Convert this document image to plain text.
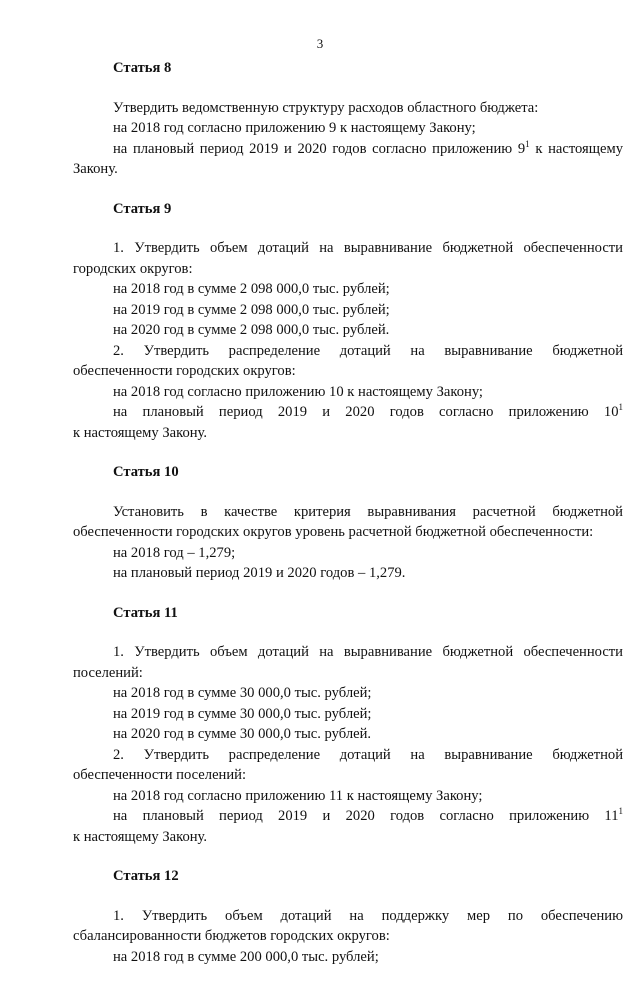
3

Статья 8

Утвердить ведомственную структуру расходов областного бюджета:

на 2018 год согласно приложению 9 к настоящему Закону;

на плановый период 2019 и 2020 годов согласно приложению $9^1$ к настоящему

Закону.

Статья 9

1. Утвердить объем дотаций на выравнивание бюджетной обеспеченности

городских округов:

на 2018 год в сумме 2 098 000,0 тыс. рублей;

на 2019 год в сумме 2 098 000,0 тыс. рублей;

на 2020 год в сумме 2 098 000,0 тыс. рублей.

2. Утвердить распределение дотаций на выравнивание бюджетной

обеспеченности городских округов:

на 2018 год согласно приложению 10 к настоящему Закону;

на плановый период 2019 и 2020 годов согласно приложению $10^1$

к настоящему Закону.

Статья 10

Установить в качестве критерия выравнивания расчетной бюджетной

обеспеченности городских округов уровень расчетной бюджетной обеспеченности:

на 2018 год – 1,279;

на плановый период 2019 и 2020 годов – 1,279.

Статья 11

1. Утвердить объем дотаций на выравнивание бюджетной обеспеченности

поселений:

на 2018 год в сумме 30 000,0 тыс. рублей;

на 2019 год в сумме 30 000,0 тыс. рублей;

на 2020 год в сумме 30 000,0 тыс. рублей.

2. Утвердить распределение дотаций на выравнивание бюджетной

обеспеченности поселений:

на 2018 год согласно приложению 11 к настоящему Закону;

на плановый период 2019 и 2020 годов согласно приложению $11^1$

к настоящему Закону.

Статья 12

1. Утвердить объем дотаций на поддержку мер по обеспечению

сбалансированности бюджетов городских округов:

на 2018 год в сумме 200 000,0 тыс. рублей;
